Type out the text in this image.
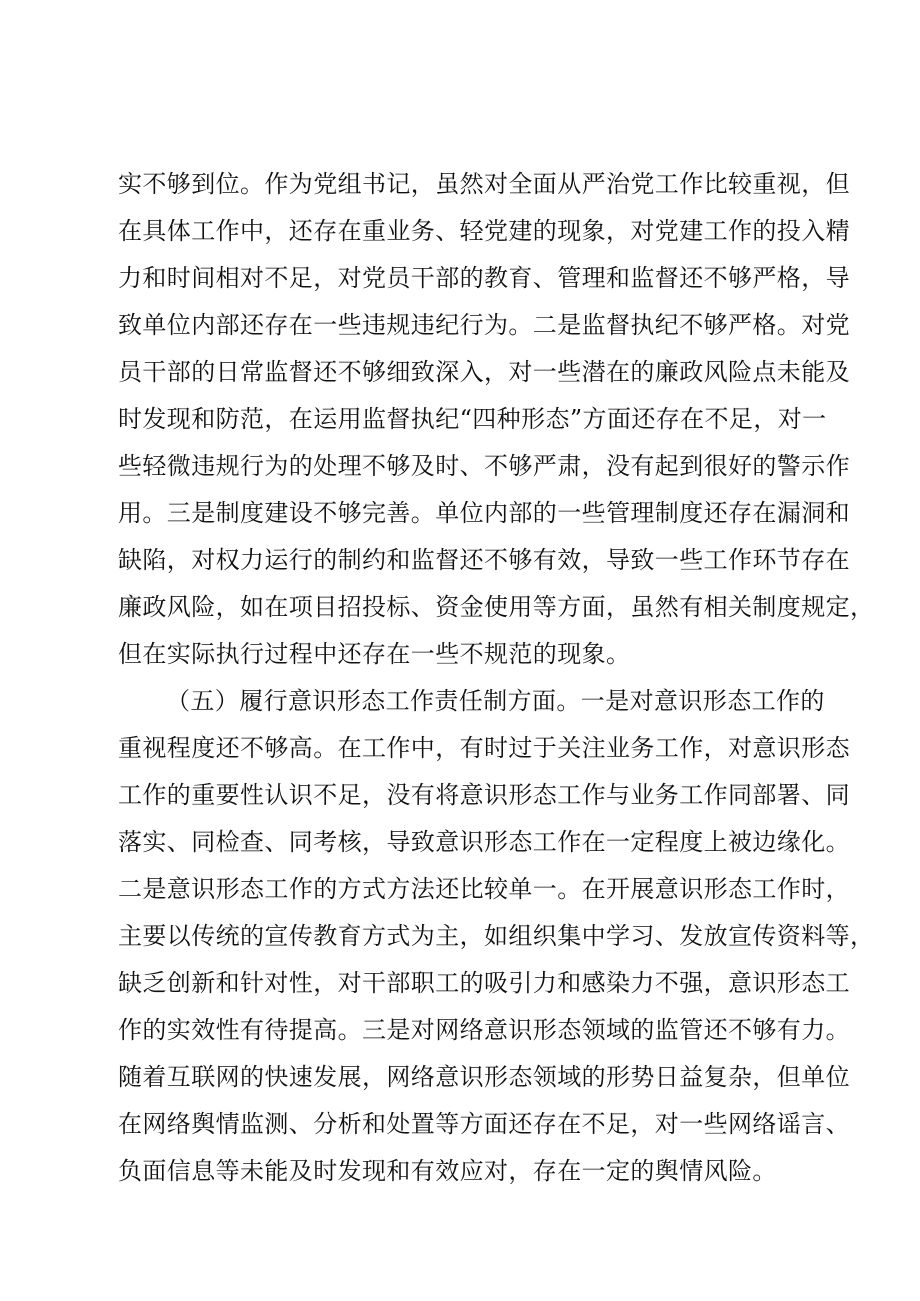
实不够到位。作为党组书记，虽然对全面从严治党工作比较重视，但
在具体工作中，还存在重业务、轻党建的现象，对党建工作的投入精
力和时间相对不足，对党员干部的教育、管理和监督还不够严格，导
致单位内部还存在一些违规违纪行为。二是监督执纪不够严格。对党
员干部的日常监督还不够细致深入，对一些潜在的廉政风险点未能及
时发现和防范，在运用监督执纪“四种形态”方面还存在不足，对一
些轻微违规行为的处理不够及时、不够严肃，没有起到很好的警示作
用。三是制度建设不够完善。单位内部的一些管理制度还存在漏洞和
缺陷，对权力运行的制约和监督还不够有效，导致一些工作环节存在
廉政风险，如在项目招投标、资金使用等方面，虽然有相关制度规定，
但在实际执行过程中还存在一些不规范的现象。
（五）履行意识形态工作责任制方面。一是对意识形态工作的
重视程度还不够高。在工作中，有时过于关注业务工作，对意识形态
工作的重要性认识不足，没有将意识形态工作与业务工作同部署、同
落实、同检查、同考核，导致意识形态工作在一定程度上被边缘化。
二是意识形态工作的方式方法还比较单一。在开展意识形态工作时，
主要以传统的宣传教育方式为主，如组织集中学习、发放宣传资料等，
缺乏创新和针对性，对干部职工的吸引力和感染力不强，意识形态工
作的实效性有待提高。三是对网络意识形态领域的监管还不够有力。
随着互联网的快速发展，网络意识形态领域的形势日益复杂，但单位
在网络舆情监测、分析和处置等方面还存在不足，对一些网络谣言、
负面信息等未能及时发现和有效应对，存在一定的舆情风险。
